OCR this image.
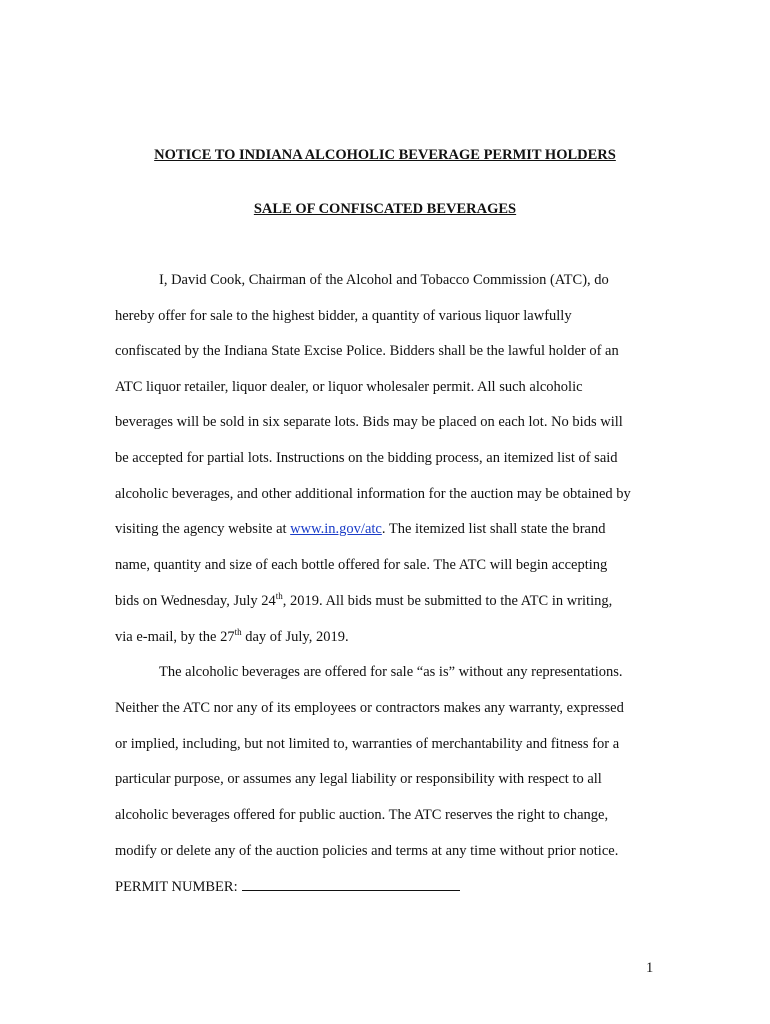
NOTICE TO INDIANA ALCOHOLIC BEVERAGE PERMIT HOLDERS
SALE OF CONFISCATED BEVERAGES

I, David Cook, Chairman of the Alcohol and Tobacco Commission (ATC), do

hereby offer for sale to the highest bidder, a quantity of various liquor lawfully

confiscated by the Indiana State Excise Police. Bidders shall be the lawful holder of an

ATC liquor retailer, liquor dealer, or liquor wholesaler permit. All such alcoholic

beverages will be sold in six separate lots. Bids may be placed on each lot. No bids will

be accepted for partial lots. Instructions on the bidding process, an itemized list of said

alcoholic beverages, and other additional information for the auction may be obtained by

visiting the agency website at www.in.gov/atc. The itemized list shall state the brand

name, quantity and size of each bottle offered for sale. The ATC will begin accepting

bids on Wednesday, July 24th, 2019. All bids must be submitted to the ATC in writing,

via e-mail, by the 27th day of July, 2019.

The alcoholic beverages are offered for sale “as is” without any representations.

Neither the ATC nor any of its employees or contractors makes any warranty, expressed

or implied, including, but not limited to, warranties of merchantability and fitness for a

particular purpose, or assumes any legal liability or responsibility with respect to all

alcoholic beverages offered for public auction. The ATC reserves the right to change,

modify or delete any of the auction policies and terms at any time without prior notice.

PERMIT NUMBER:

1
